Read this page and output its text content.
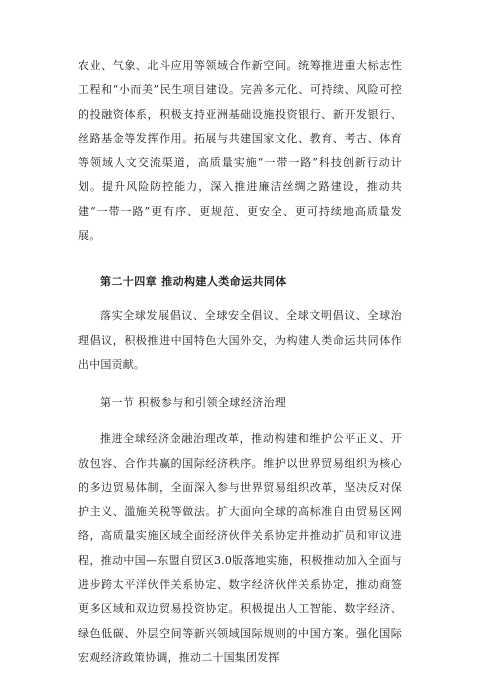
农业、气象、北斗应用等领域合作新空间。统筹推进重大标志性工程和“小而美”民生项目建设。完善多元化、可持续、风险可控的投融资体系，积极支持亚洲基础设施投资银行、新开发银行、丝路基金等发挥作用。拓展与共建国家文化、教育、考古、体育等领域人文交流渠道，高质量实施“一带一路”科技创新行动计划。提升风险防控能力，深入推进廉洁丝绸之路建设，推动共建“一带一路”更有序、更规范、更安全、更可持续地高质量发展。

第二十四章 推动构建人类命运共同体

落实全球发展倡议、全球安全倡议、全球文明倡议、全球治理倡议，积极推进中国特色大国外交，为构建人类命运共同体作出中国贡献。

第一节 积极参与和引领全球经济治理

推进全球经济金融治理改革，推动构建和维护公平正义、开放包容、合作共赢的国际经济秩序。维护以世界贸易组织为核心的多边贸易体制，全面深入参与世界贸易组织改革，坚决反对保护主义、滥施关税等做法。扩大面向全球的高标准自由贸易区网络，高质量实施区域全面经济伙伴关系协定并推动扩员和审议进程，推动中国—东盟自贸区3.0版落地实施，积极推动加入全面与进步跨太平洋伙伴关系协定、数字经济伙伴关系协定，推动商签更多区域和双边贸易投资协定。积极提出人工智能、数字经济、绿色低碳、外层空间等新兴领域国际规则的中国方案。强化国际宏观经济政策协调，推动二十国集团发挥
